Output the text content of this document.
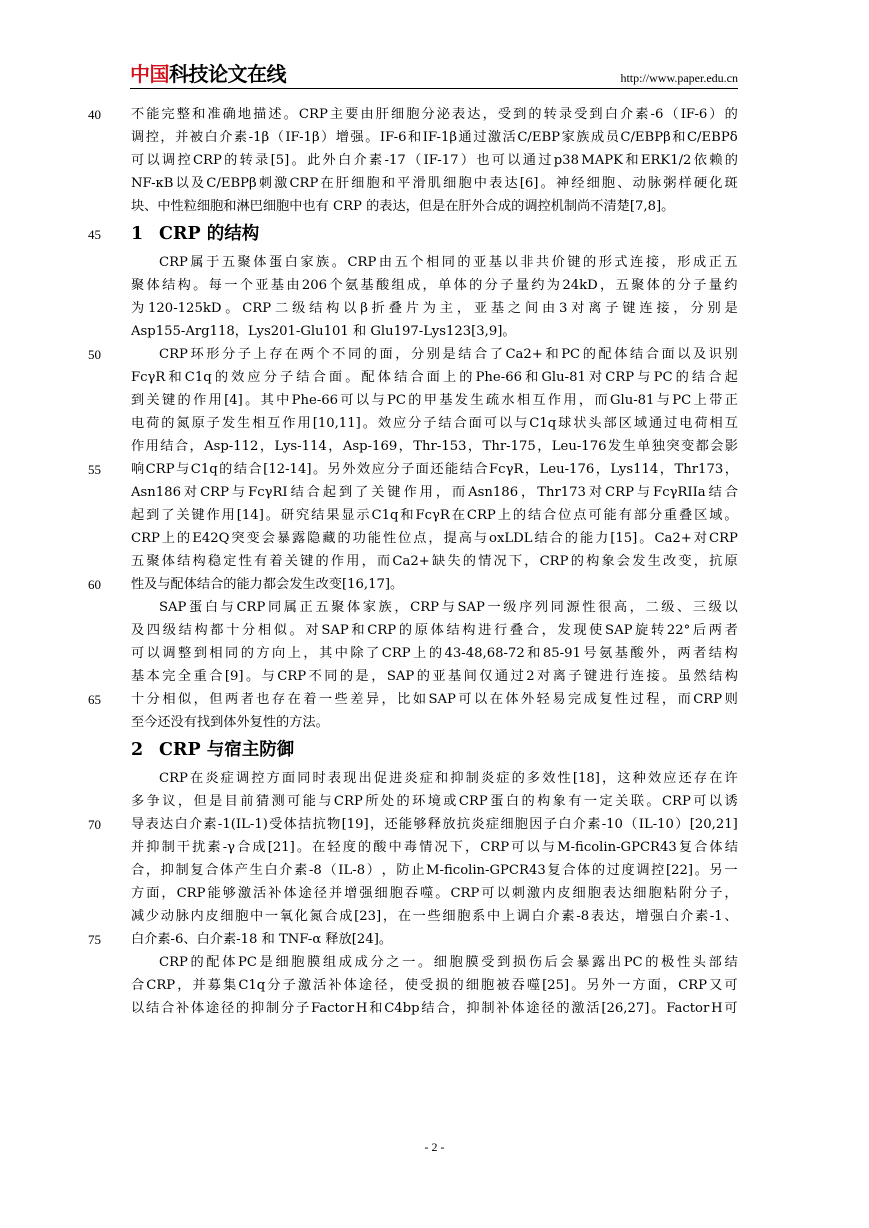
中国科技论文在线	http://www.paper.edu.cn
40	不 能 完 整 和 准 确 地 描 述 。 CRP 主 要 由 肝 细 胞 分 泌 表 达 ， 受 到 的 转 录 受 到 白 介 素 -6 （ IF-6 ） 的
调 控 ， 并 被 白 介 素 -1β （ IF-1β ） 增 强 。 IF-6 和 IF-1β 通 过 激 活 C/EBP 家 族 成 员 C/EBPβ 和 C/EBPδ
可 以 调 控 CRP 的 转 录 [5] 。 此 外 白 介 素 -17 （ IF-17 ） 也 可 以 通 过 p38 MAPK 和 ERK1/2 依 赖 的
NF-κB 以 及 C/EBPβ 刺 激 CRP 在 肝 细 胞 和 平 滑 肌 细 胞 中 表 达 [6] 。 神 经 细 胞 、 动 脉 粥 样 硬 化 斑
块、中性粒细胞和淋巴细胞中也有 CRP 的表达，但是在肝外合成的调控机制尚不清楚[7,8]。
45 1 CRP 的结构
CRP 属 于 五 聚 体 蛋 白 家 族 。 CRP 由 五 个 相 同 的 亚 基 以 非 共 价 键 的 形 式 连 接 ， 形 成 正 五
聚 体 结 构 。 每 一 个 亚 基 由 206 个 氨 基 酸 组 成 ， 单 体 的 分 子 量 约 为 24kD ， 五 聚 体 的 分 子 量 约
为 120-125kD 。 CRP 二 级 结 构 以 β 折 叠 片 为 主 ， 亚 基 之 间 由 3 对 离 子 键 连 接 ， 分 别 是
Asp155-Arg118，Lys201-Glu101 和 Glu197-Lys123[3,9]。
50	CRP 环 形 分 子 上 存 在 两 个 不 同 的 面 ， 分 别 是 结 合 了 Ca2+ 和 PC 的 配 体 结 合 面 以 及 识 别
FcγR 和 C1q 的 效 应 分 子 结 合 面 。 配 体 结 合 面 上 的 Phe-66 和 Glu-81 对 CRP 与 PC 的 结 合 起
到 关 键 的 作 用 [4] 。 其 中 Phe-66 可 以 与 PC 的 甲 基 发 生 疏 水 相 互 作 用 ， 而 Glu-81 与 PC 上 带 正
电 荷 的 氮 原 子 发 生 相 互 作 用 [10,11] 。 效 应 分 子 结 合 面 可 以 与 C1q 球 状 头 部 区 域 通 过 电 荷 相 互
作 用 结 合 ， Asp-112 ， Lys-114 ， Asp-169 ， Thr-153 ， Thr-175 ， Leu-176 发 生 单 独 突 变 都 会 影
55	响 CRP 与 C1q 的 结 合 [12-14] 。 另 外 效 应 分 子 面 还 能 结 合 FcγR ， Leu-176 ， Lys114 ， Thr173 ，
Asn186 对 CRP 与 FcγRI 结 合 起 到 了 关 键 作 用 ， 而 Asn186 ， Thr173 对 CRP 与 FcγRIIa 结 合
起 到 了 关 键 作 用 [14] 。 研 究 结 果 显 示 C1q 和 FcγR 在 CRP 上 的 结 合 位 点 可 能 有 部 分 重 叠 区 域 。
CRP 上 的 E42Q 突 变 会 暴 露 隐 藏 的 功 能 性 位 点 ， 提 高 与 oxLDL 结 合 的 能 力 [15] 。 Ca2+ 对 CRP
五 聚 体 结 构 稳 定 性 有 着 关 键 的 作 用 ， 而 Ca2+ 缺 失 的 情 况 下 ， CRP 的 构 象 会 发 生 改 变 ， 抗 原
60	性及与配体结合的能力都会发生改变[16,17]。
SAP 蛋 白 与 CRP 同 属 正 五 聚 体 家 族 ， CRP 与 SAP 一 级 序 列 同 源 性 很 高 ， 二 级 、 三 级 以
及 四 级 结 构 都 十 分 相 似 。 对 SAP 和 CRP 的 原 体 结 构 进 行 叠 合 ， 发 现 使 SAP 旋 转 22° 后 两 者
可 以 调 整 到 相 同 的 方 向 上 ， 其 中 除 了 CRP 上 的 43-48,68-72 和 85-91 号 氨 基 酸 外 ， 两 者 结 构
基 本 完 全 重 合 [9] 。 与 CRP 不 同 的 是 ， SAP 的 亚 基 间 仅 通 过 2 对 离 子 键 进 行 连 接 。 虽 然 结 构
65	十 分 相 似 ， 但 两 者 也 存 在 着 一 些 差 异 ， 比 如 SAP 可 以 在 体 外 轻 易 完 成 复 性 过 程 ， 而 CRP 则
至今还没有找到体外复性的方法。
2 CRP 与宿主防御
CRP 在 炎 症 调 控 方 面 同 时 表 现 出 促 进 炎 症 和 抑 制 炎 症 的 多 效 性 [18] ， 这 种 效 应 还 存 在 许
多 争 议 ， 但 是 目 前 猜 测 可 能 与 CRP 所 处 的 环 境 或 CRP 蛋 白 的 构 象 有 一 定 关 联 。 CRP 可 以 诱
70	导 表 达 白 介 素 -1(IL-1) 受 体 拮 抗 物 [19] ， 还 能 够 释 放 抗 炎 症 细 胞 因 子 白 介 素 -10 （ IL-10 ） [20,21]
并 抑 制 干 扰 素 -γ 合 成 [21] 。 在 轻 度 的 酸 中 毒 情 况 下 ， CRP 可 以 与 M-ficolin-GPCR43 复 合 体 结
合 ， 抑 制 复 合 体 产 生 白 介 素 -8 （ IL-8 ） ， 防 止 M-ficolin-GPCR43 复 合 体 的 过 度 调 控 [22] 。 另 一
方 面 ， CRP 能 够 激 活 补 体 途 径 并 增 强 细 胞 吞 噬 。 CRP 可 以 刺 激 内 皮 细 胞 表 达 细 胞 粘 附 分 子 ，
减 少 动 脉 内 皮 细 胞 中 一 氧 化 氮 合 成 [23] ， 在 一 些 细 胞 系 中 上 调 白 介 素 -8 表 达 ， 增 强 白 介 素 -1 、
75	白介素-6、白介素-18 和 TNF-α 释放[24]。
CRP 的 配 体 PC 是 细 胞 膜 组 成 成 分 之 一 。 细 胞 膜 受 到 损 伤 后 会 暴 露 出 PC 的 极 性 头 部 结
合 CRP ， 并 募 集 C1q 分 子 激 活 补 体 途 径 ， 使 受 损 的 细 胞 被 吞 噬 [25] 。 另 外 一 方 面 ， CRP 又 可
以 结 合 补 体 途 径 的 抑 制 分 子 Factor H 和 C4bp 结 合 ， 抑 制 补 体 途 径 的 激 活 [26,27] 。 Factor H 可
- 2 -
